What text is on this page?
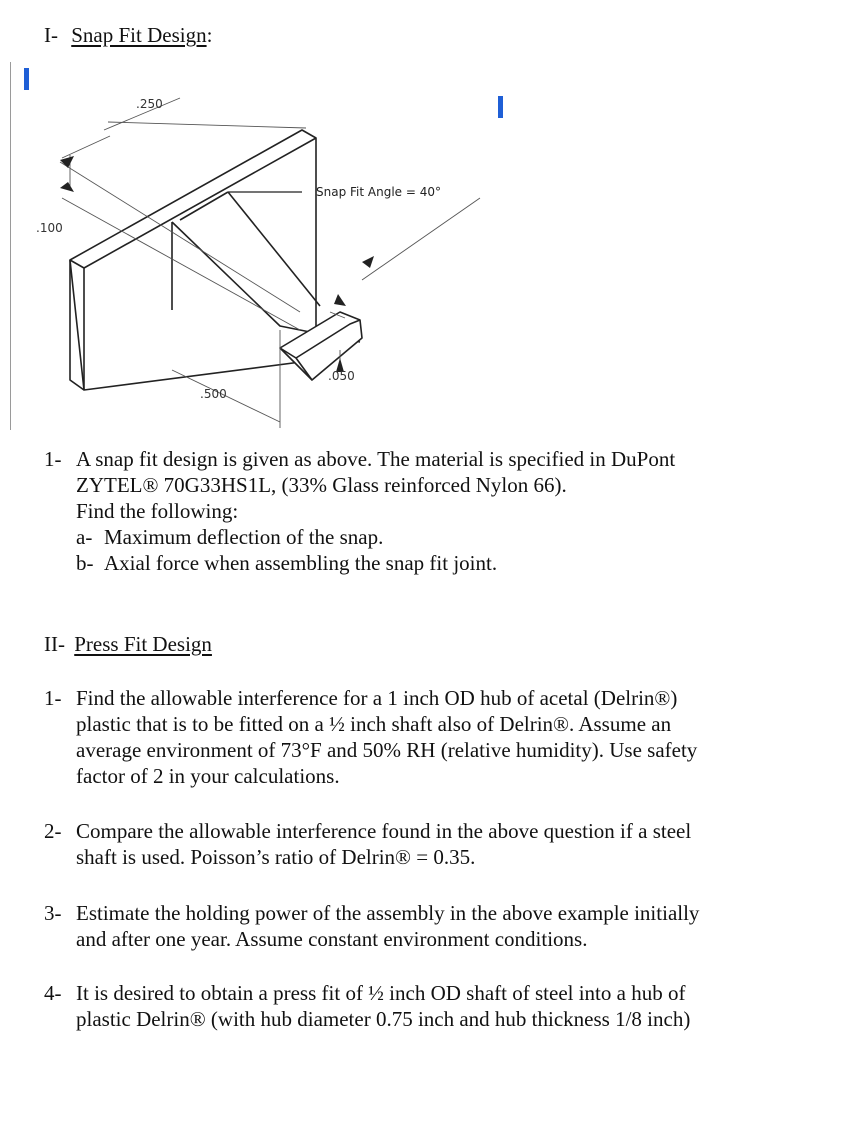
I- Snap Fit Design:
.250
.100
.500
.050
Snap Fit Angle = 40°
1- A snap fit design is given as above. The material is specified in DuPont
ZYTEL® 70G33HS1L, (33% Glass reinforced Nylon 66).
Find the following:
a- Maximum deflection of the snap.
b- Axial force when assembling the snap fit joint.
II- Press Fit Design
1- Find the allowable interference for a 1 inch OD hub of acetal (Delrin®)
plastic that is to be fitted on a ½ inch shaft also of Delrin®. Assume an
average environment of 73°F and 50% RH (relative humidity). Use safety
factor of 2 in your calculations.
2- Compare the allowable interference found in the above question if a steel
shaft is used. Poisson’s ratio of Delrin® = 0.35.
3- Estimate the holding power of the assembly in the above example initially
and after one year. Assume constant environment conditions.
4- It is desired to obtain a press fit of ½ inch OD shaft of steel into a hub of
plastic Delrin® (with hub diameter 0.75 inch and hub thickness 1/8 inch)
